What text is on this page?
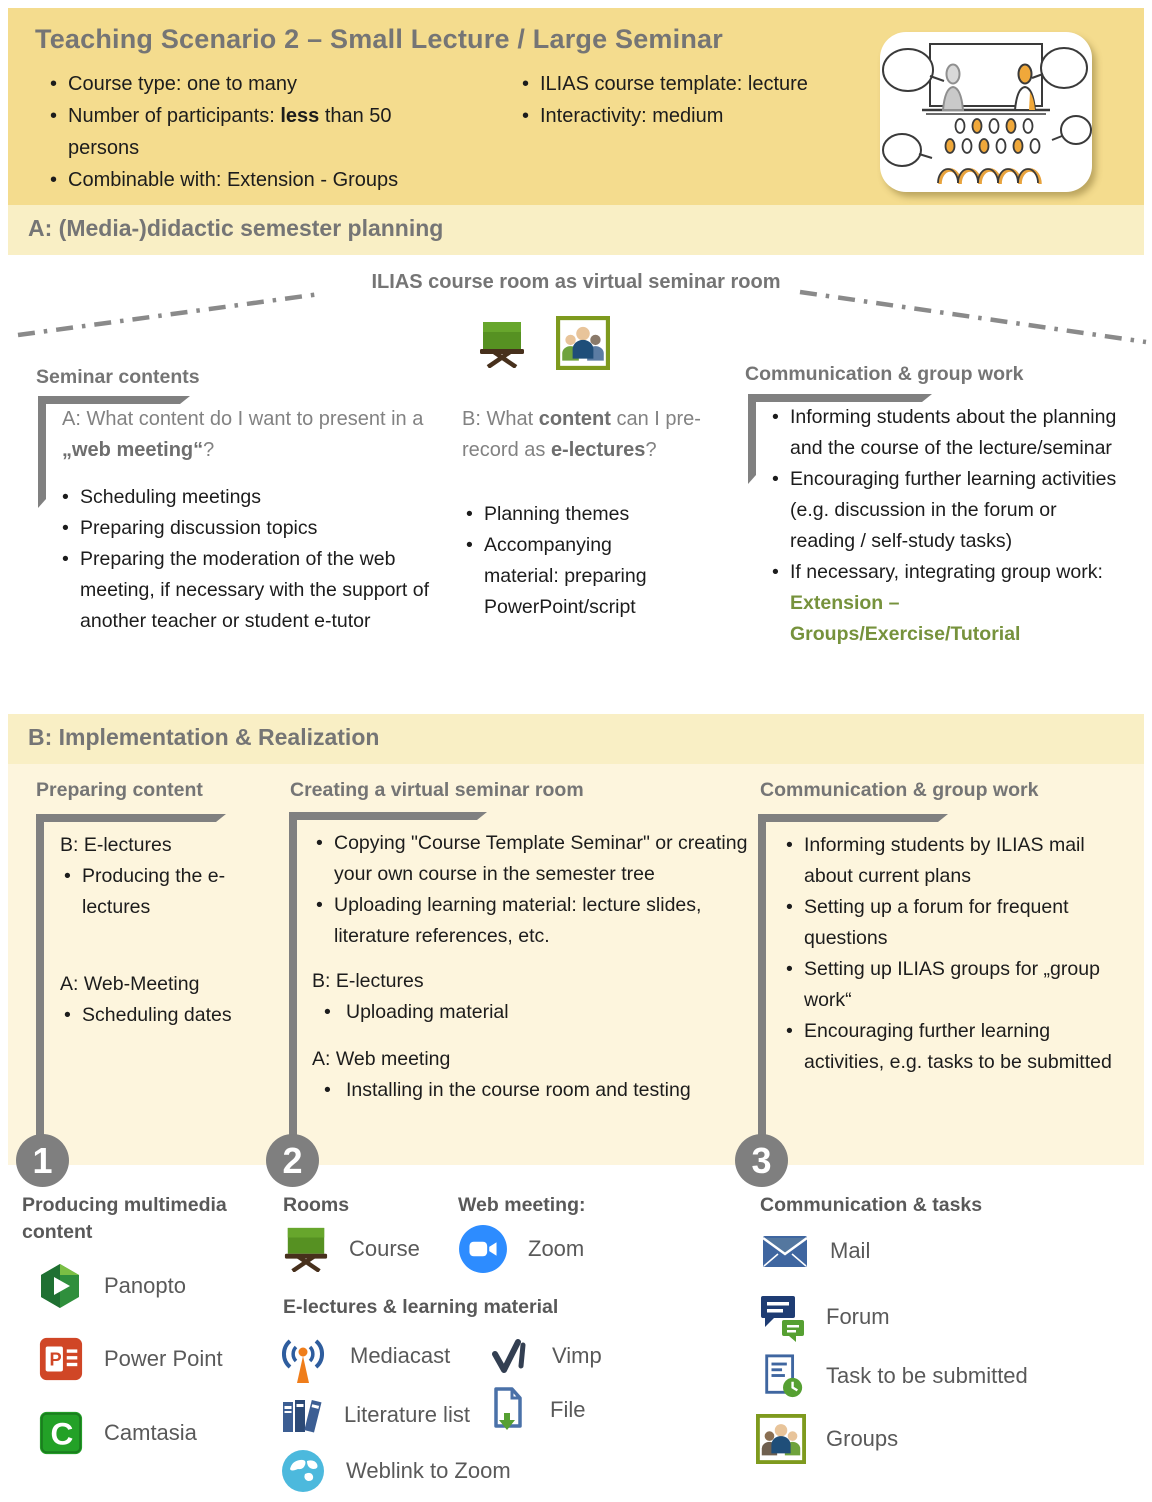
Teaching Scenario 2 – Small Lecture / Large Seminar
• Course type: one to many
• Number of participants: less than 50 persons
• Combinable with: Extension - Groups
• ILIAS course template: lecture
• Interactivity: medium
A: (Media-)didactic semester planning
ILIAS course room as virtual seminar room
Seminar contents
A: What content do I want to present in a „web meeting“?
• Scheduling meetings
• Preparing discussion topics
• Preparing the moderation of the web meeting, if necessary with the support of another teacher or student e-tutor
B: What content can I pre-record as e-lectures?
• Planning themes
• Accompanying material: preparing PowerPoint/script
Communication & group work
• Informing students about the planning and the course of the lecture/seminar
• Encouraging further learning activities (e.g. discussion in the forum or reading / self-study tasks)
• If necessary, integrating group work: Extension – Groups/Exercise/Tutorial
B: Implementation & Realization
Preparing content
B: E-lectures
• Producing the e-lectures
A: Web-Meeting
• Scheduling dates
Creating a virtual seminar room
• Copying "Course Template Seminar" or creating your own course in the semester tree
• Uploading learning material: lecture slides, literature references, etc.
B: E-lectures
• Uploading material
A: Web meeting
• Installing in the course room and testing
Communication & group work
• Informing students by ILIAS mail about current plans
• Setting up a forum for frequent questions
• Setting up ILIAS groups for „group work“
• Encouraging further learning activities, e.g. tasks to be submitted
1	2	3
Producing multimedia content
Panopto
P Power Point
C Camtasia
Rooms
Course
Web meeting:
Zoom
E-lectures & learning material
Mediacast	Vimp
Literature list	File
Weblink to Zoom
Communication & tasks
Mail
Forum
Task to be submitted
Groups
